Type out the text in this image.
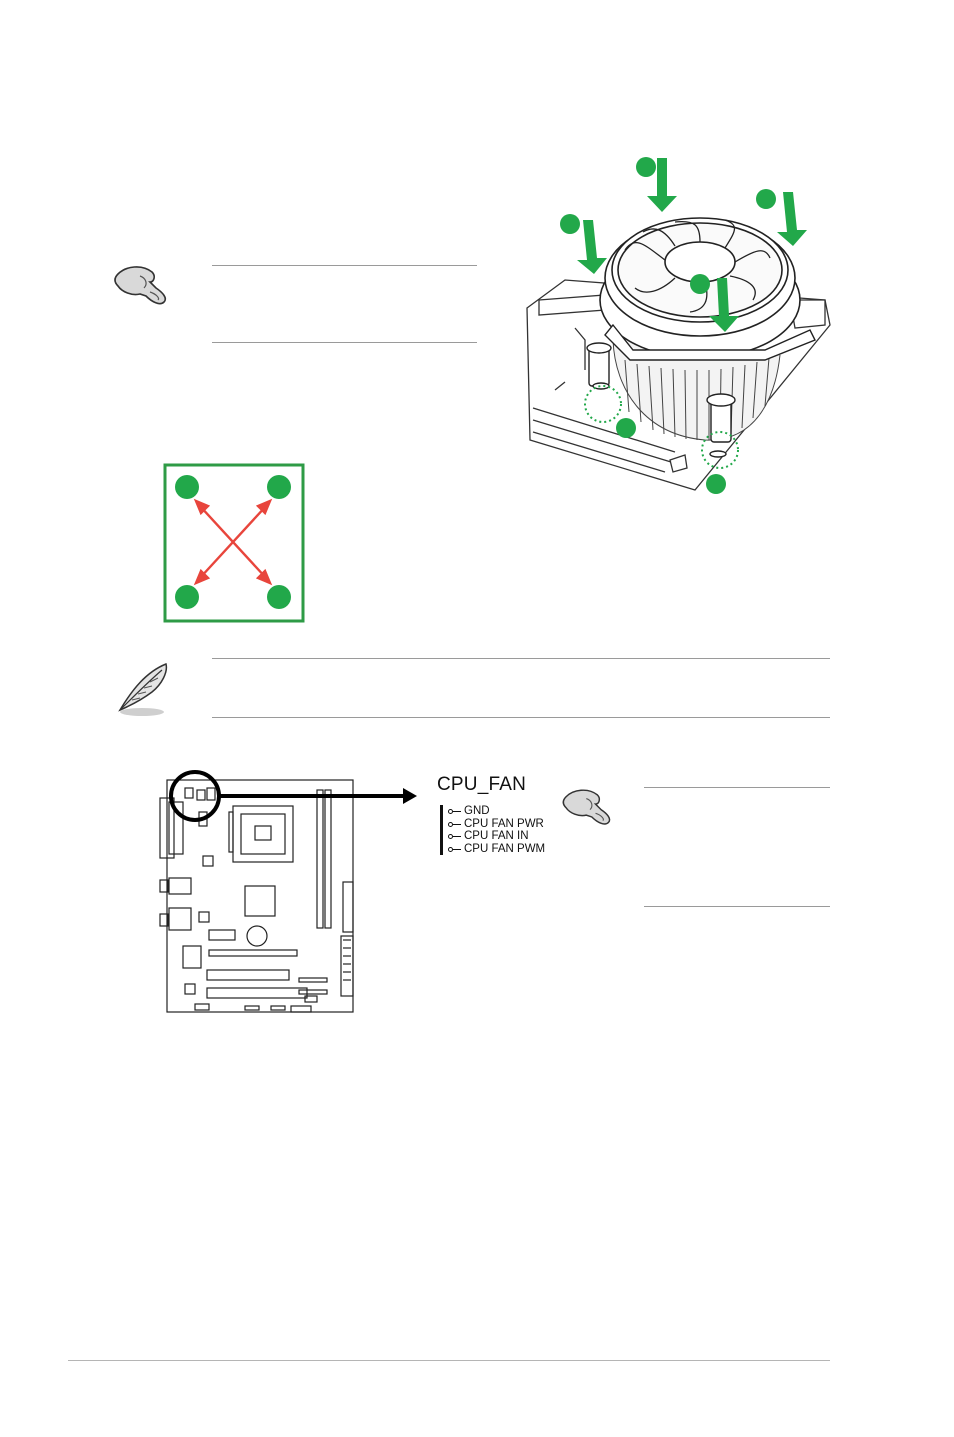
CPU_FAN
GND
CPU FAN PWR
CPU FAN IN
CPU FAN PWM
